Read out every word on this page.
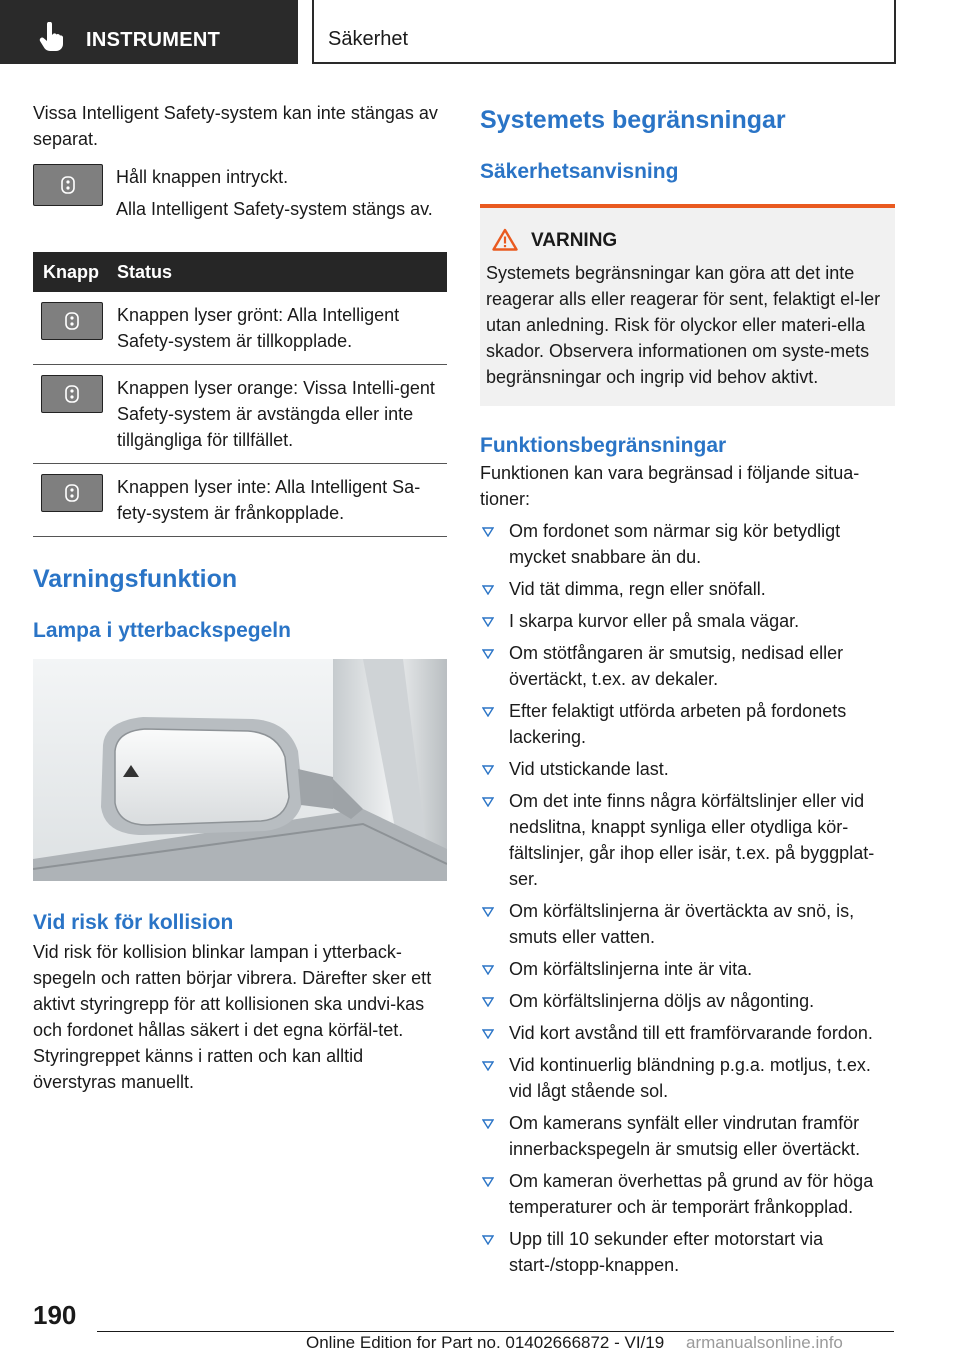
INSTRUMENT	Säkerhet

Vissa Intelligent Safety-system kan inte stängas av separat.

Håll knappen intryckt.
Alla Intelligent Safety-system stängs av.
Knapp	Status

	Knappen lyser grönt: Alla Intelligent Safety-system är tillkopplade.

	Knappen lyser orange: Vissa Intelli-gent Safety-system är avstängda eller inte tillgängliga för tillfället.

	Knappen lyser inte: Alla Intelligent Sa-fety-system är frånkopplade.
Varningsfunktion
Lampa i ytterbackspegeln
Vid risk för kollision

Vid risk för kollision blinkar lampan i ytterback-spegeln och ratten börjar vibrera. Därefter sker ett aktivt styringrepp för att kollisionen ska undvi-kas och fordonet hållas säkert i det egna körfäl-tet. Styringreppet känns i ratten och kan alltid överstyras manuellt.

Systemets begränsningar
Säkerhetsanvisning
VARNING

Systemets begränsningar kan göra att det inte reagerar alls eller reagerar för sent, felaktigt el-ler utan anledning. Risk för olyckor eller materi-ella skador. Observera informationen om syste-mets begränsningar och ingrip vid behov aktivt.

Funktionsbegränsningar

Funktionen kan vara begränsad i följande situa-tioner:

Om fordonet som närmar sig kör betydligt mycket snabbare än du.
Vid tät dimma, regn eller snöfall.
I skarpa kurvor eller på smala vägar.
Om stötfångaren är smutsig, nedisad eller övertäckt, t.ex. av dekaler.
Efter felaktigt utförda arbeten på fordonets lackering.
Vid utstickande last.
Om det inte finns några körfältslinjer eller vid nedslitna, knappt synliga eller otydliga kör-fältslinjer, går ihop eller isär, t.ex. på byggplat-ser.
Om körfältslinjerna är övertäckta av snö, is, smuts eller vatten.
Om körfältslinjerna inte är vita.
Om körfältslinjerna döljs av någonting.
Vid kort avstånd till ett framförvarande fordon.
Vid kontinuerlig bländning p.g.a. motljus, t.ex. vid lågt stående sol.
Om kamerans synfält eller vindrutan framför innerbackspegeln är smutsig eller övertäckt.
Om kameran överhettas på grund av för höga temperaturer och är temporärt frånkopplad.
Upp till 10 sekunder efter motorstart via start-/stopp-knappen.
190
Online Edition for Part no. 01402666872 - VI/19 armanualsonline.info
